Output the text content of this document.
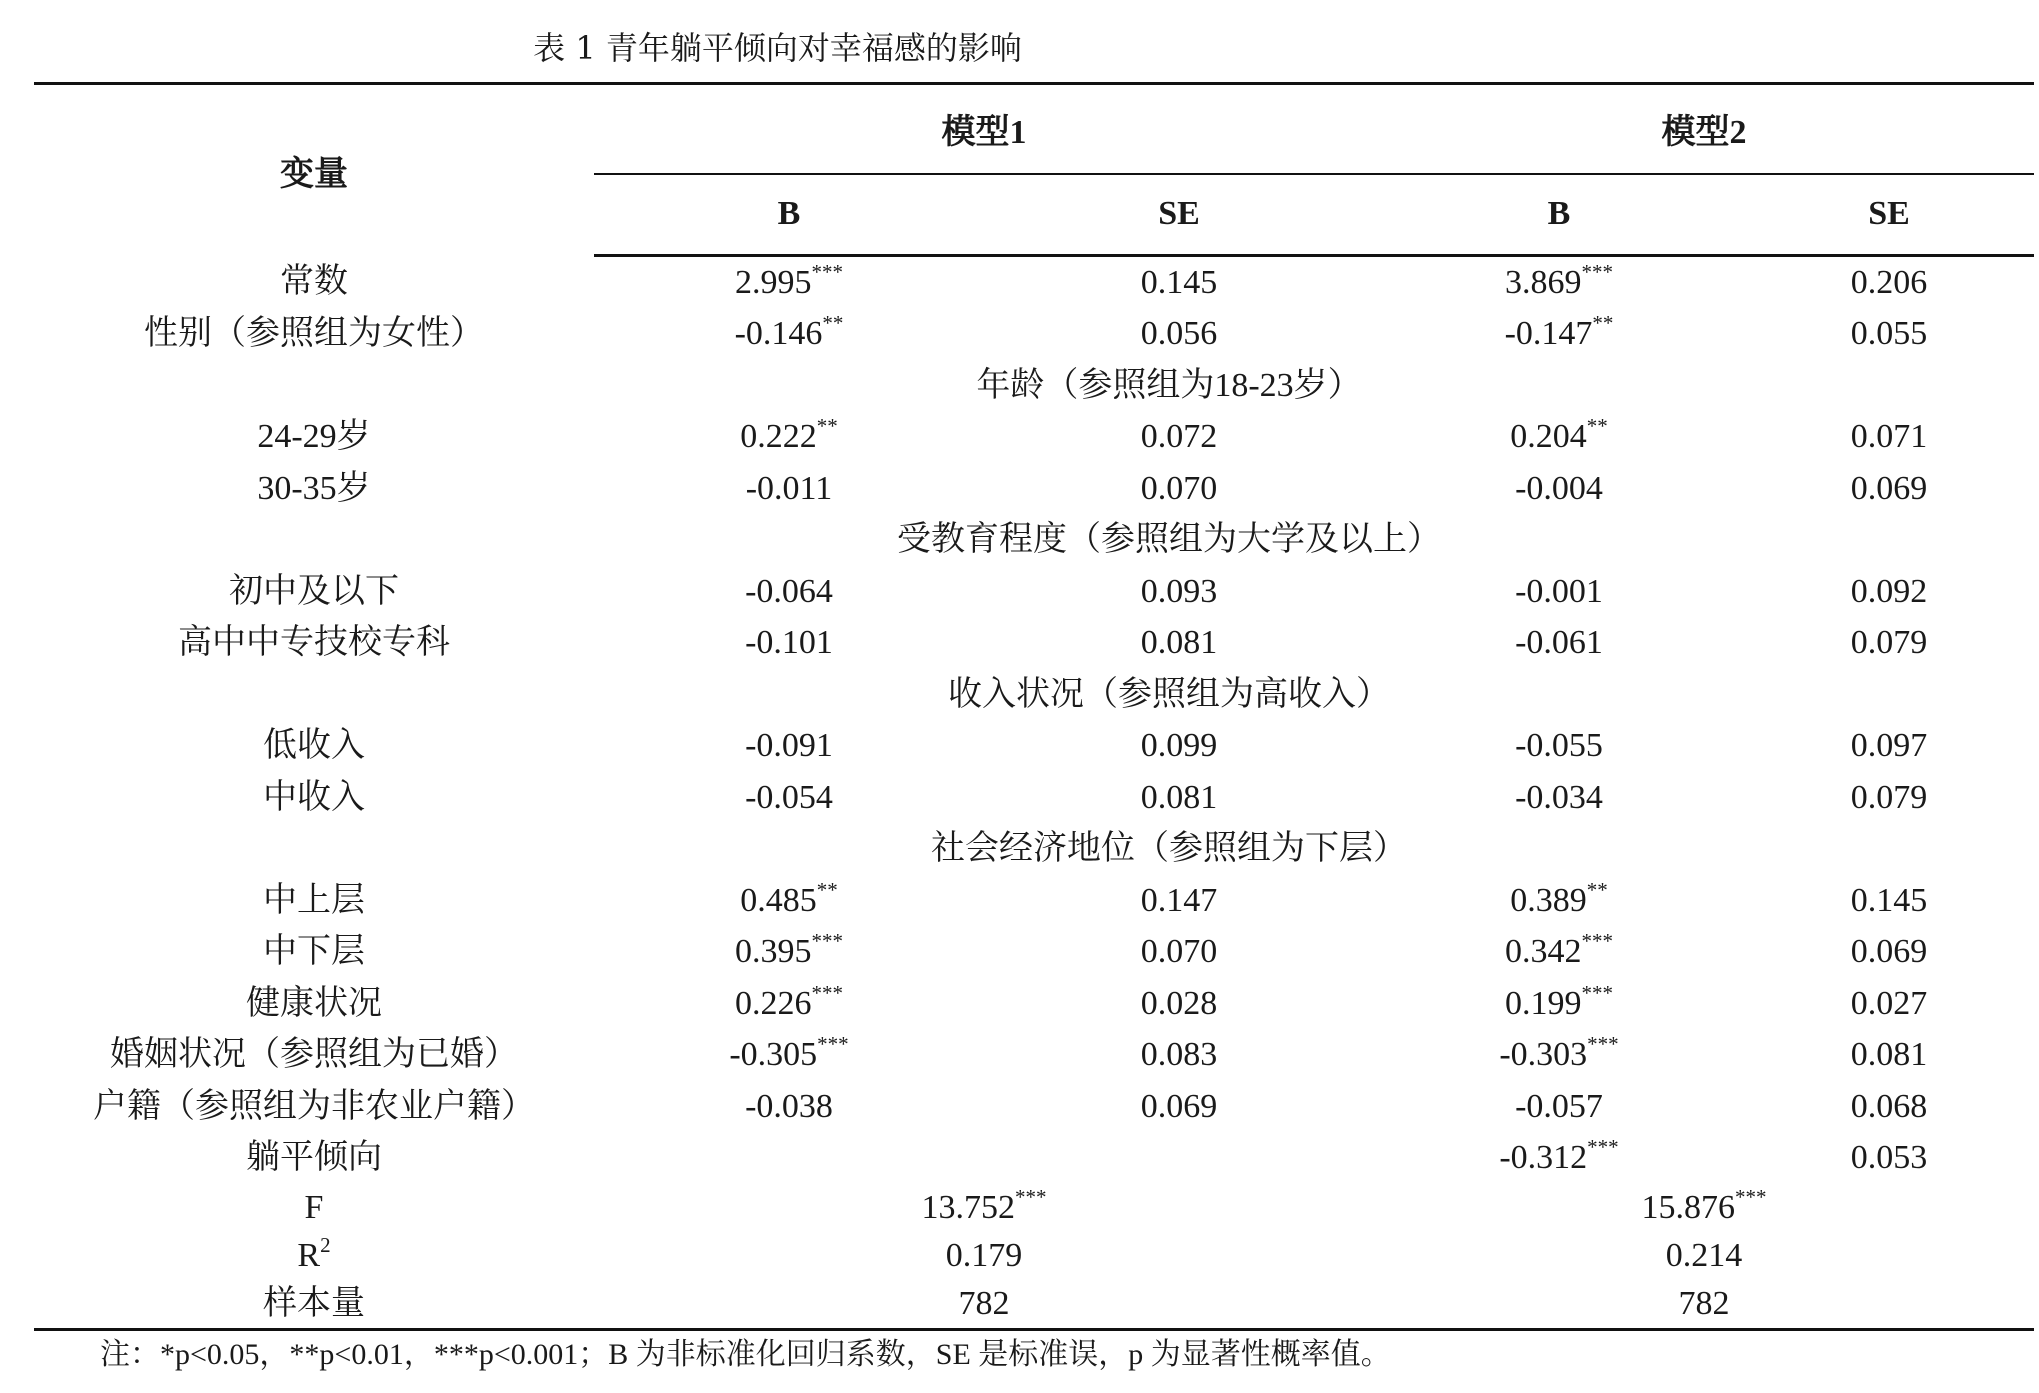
表 1 青年躺平倾向对幸福感的影响
变量	模型1		模型2	
	B	SE	B	SE
常数	2.995***	0.145	3.869***	0.206
性别（参照组为女性）	-0.146**	0.056	-0.147**	0.055
	年龄（参照组为18-23岁）			
24-29岁	0.222**	0.072	0.204**	0.071
30-35岁	-0.011	0.070	-0.004	0.069
	受教育程度（参照组为大学及以上）			
初中及以下	-0.064	0.093	-0.001	0.092
高中中专技校专科	-0.101	0.081	-0.061	0.079
	收入状况（参照组为高收入）			
低收入	-0.091	0.099	-0.055	0.097
中收入	-0.054	0.081	-0.034	0.079
	社会经济地位（参照组为下层）			
中上层	0.485**	0.147	0.389**	0.145
中下层	0.395***	0.070	0.342***	0.069
健康状况	0.226***	0.028	0.199***	0.027
婚姻状况（参照组为已婚）	-0.305***	0.083	-0.303***	0.081
户籍（参照组为非农业户籍）	-0.038	0.069	-0.057	0.068
躺平倾向			-0.312***	0.053
F	13.752***		15.876***
$R^2$	0.179		0.214	
样本量	782		782	
注：*p<0.05，**p<0.01，***p<0.001；B 为非标准化回归系数，SE 是标准误，p 为显著性概率值。
